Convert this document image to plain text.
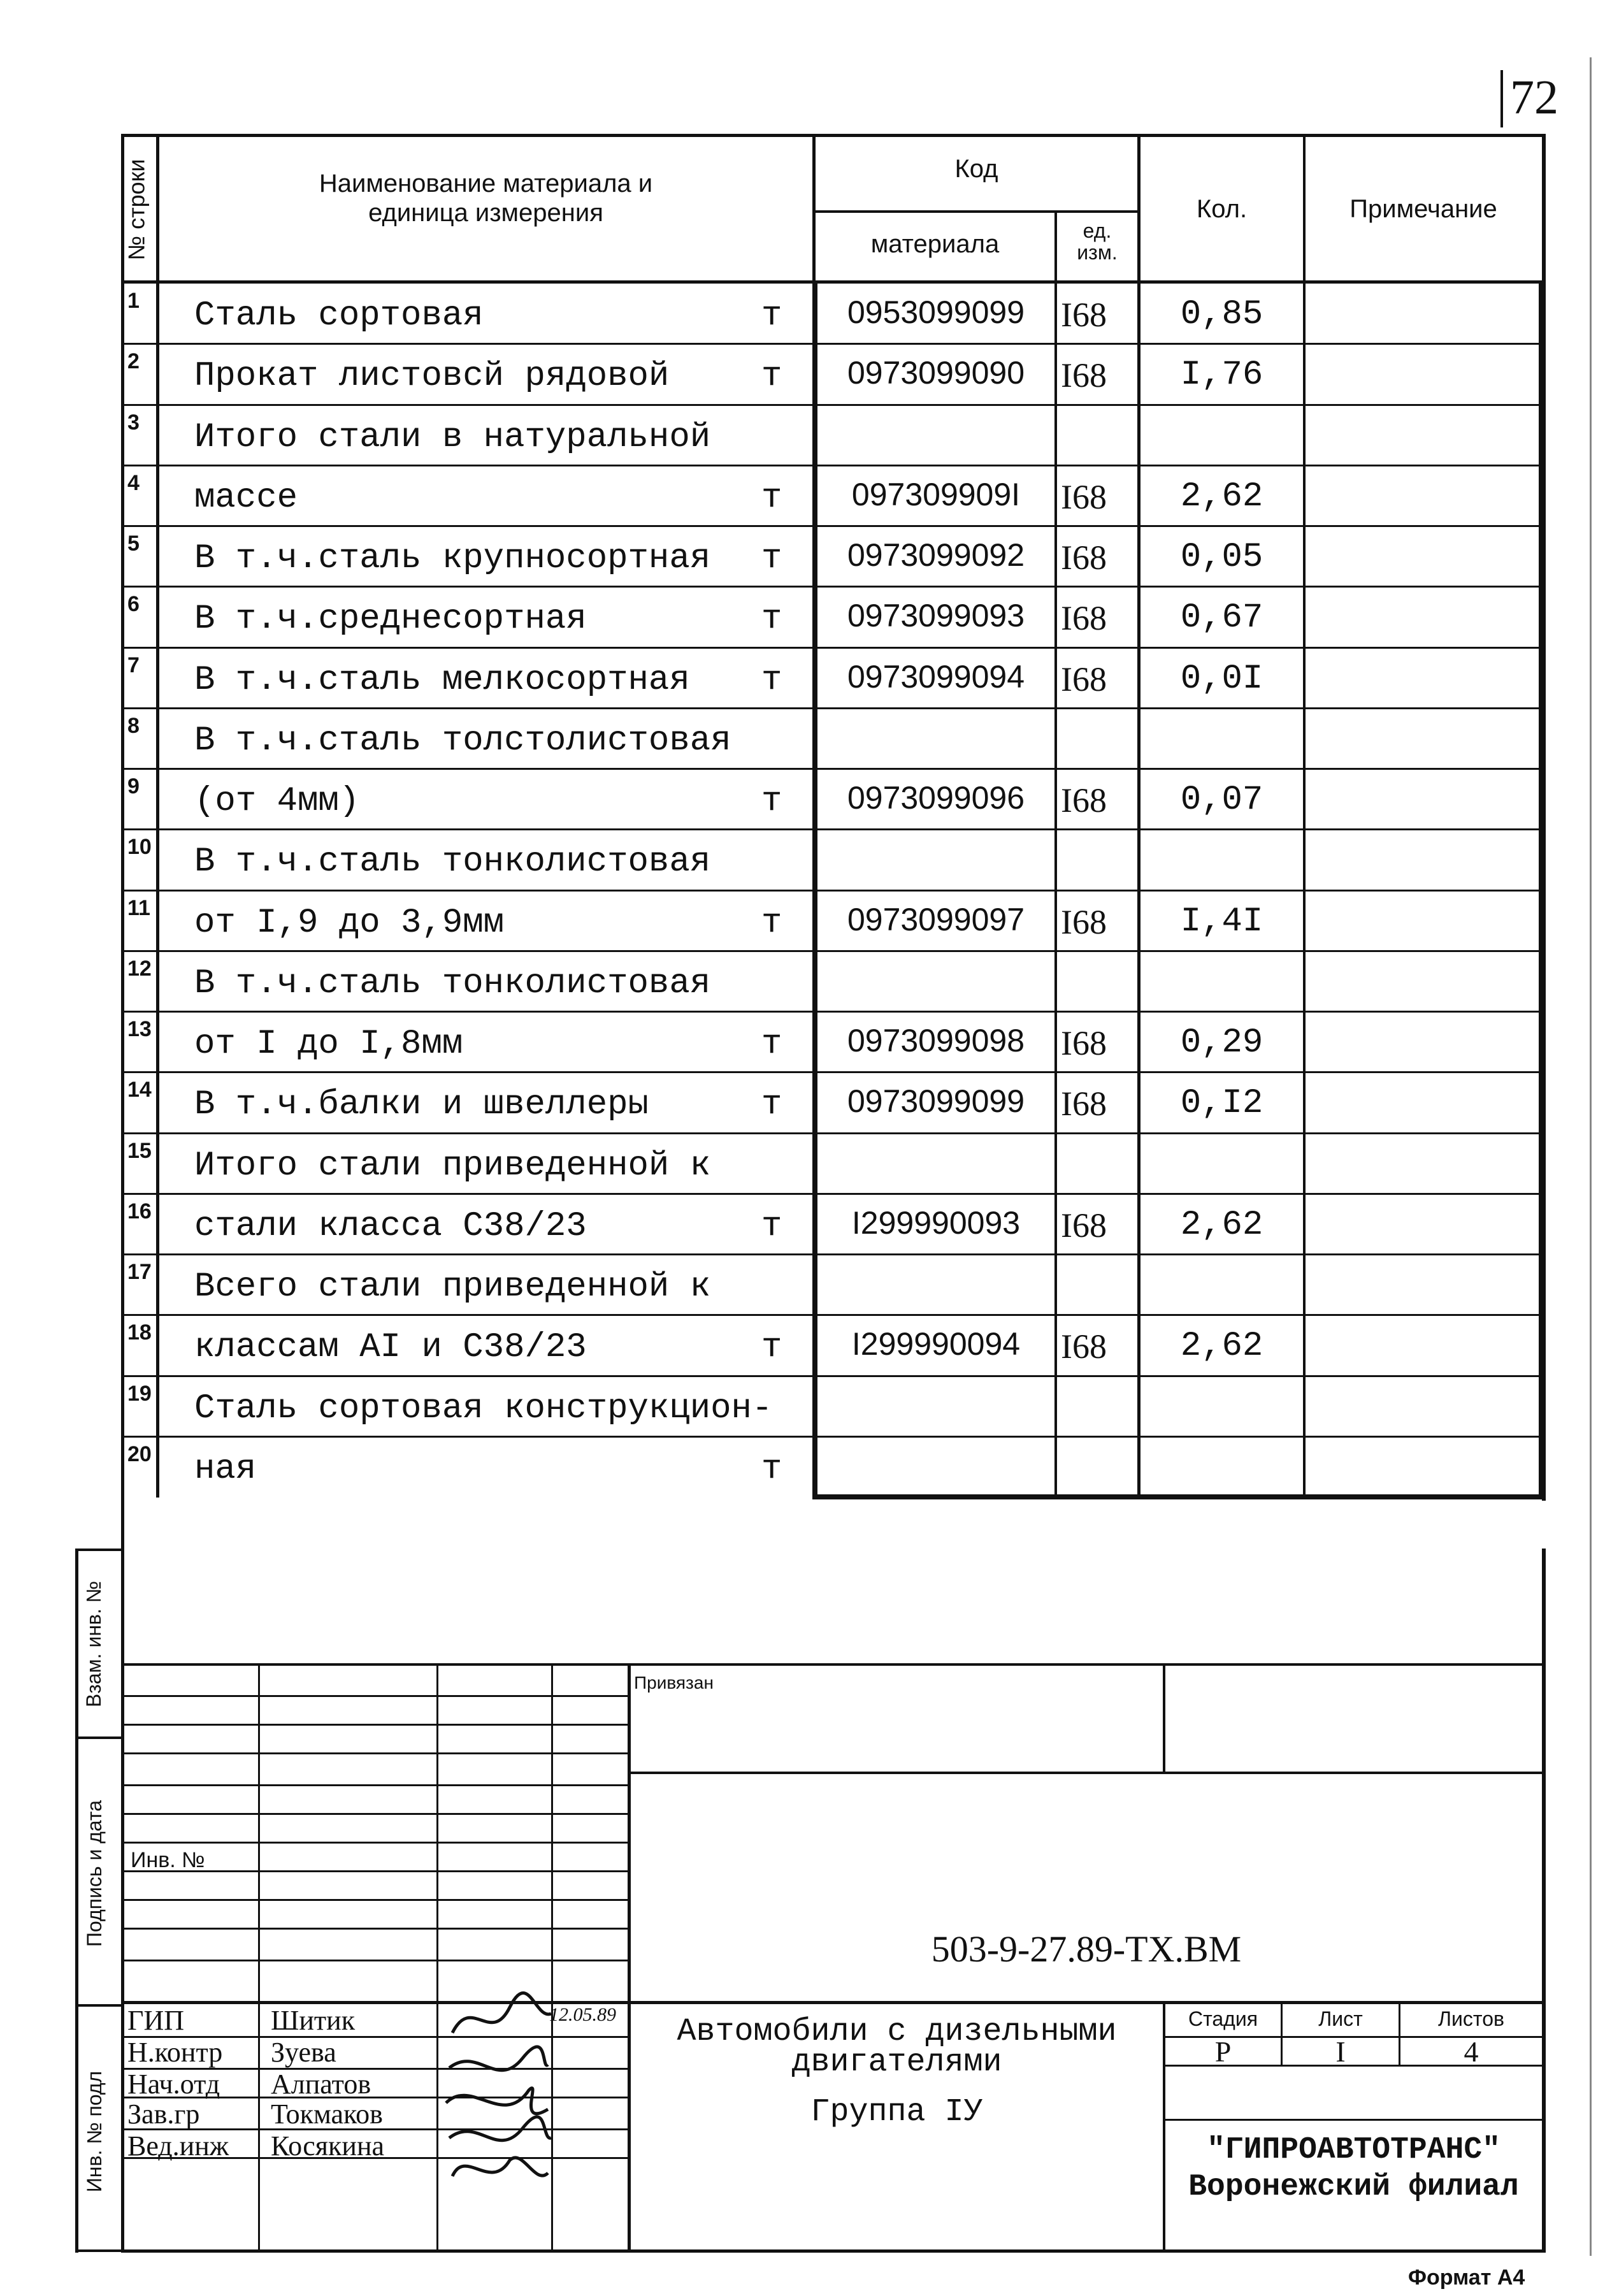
72
№ строки	Наименование материала и
единица измерения
Код
материала	ед.
изм.
Кол.	Примечание
1 Сталь сортовая	т	0953099099	I68	0,85
2 Прокат листовсй рядовой	т	0973099090	I68	I,76
3 Итого стали в натуральной
4 массе	т	097309909I	I68	2,62
5 В т.ч.сталь крупносортная т	0973099092	I68	0,05
6 В т.ч.среднесортная	т	0973099093	I68	0,67
7 В т.ч.сталь мелкосортная т	0973099094	I68	0,0I
8 В т.ч.сталь толстолистовая
9 (от 4мм)	т	0973099096	I68	0,07
10 В т.ч.сталь тонколистовая
11 от I,9 до 3,9мм	т	0973099097	I68	I,4I
12 В т.ч.сталь тонколистовая
13 от I до I,8мм	т	0973099098	I68	0,29
14 В т.ч.балки и швеллеры	т	0973099099	I68	0,I2
15 Итого стали приведенной к
16 стали класса С38/23	т	I299990093	I68	2,62
17 Всего стали приведенной к
18 классам АI и С38/23	т	I299990094	I68	2,62
19 Сталь сортовая конструкцион-
20 ная	т
Взам. инв. №
Подпись и дата
Инв. № подл
Привязан
Инв. №
503-9-27.89-ТХ.ВМ
ГИП	Шитик
Н.контр Зуева
Нач.отд Алпатов
Зав.гр	Токмаков
Вед.инж Косякина
12.05.89	Автомобили с дизельными
двигателями
Группа IУ
Стадия	Лист	Листов
Р	I	4
"ГИПРОАВТОТРАНС"
Воронежский филиал
Формат А4
